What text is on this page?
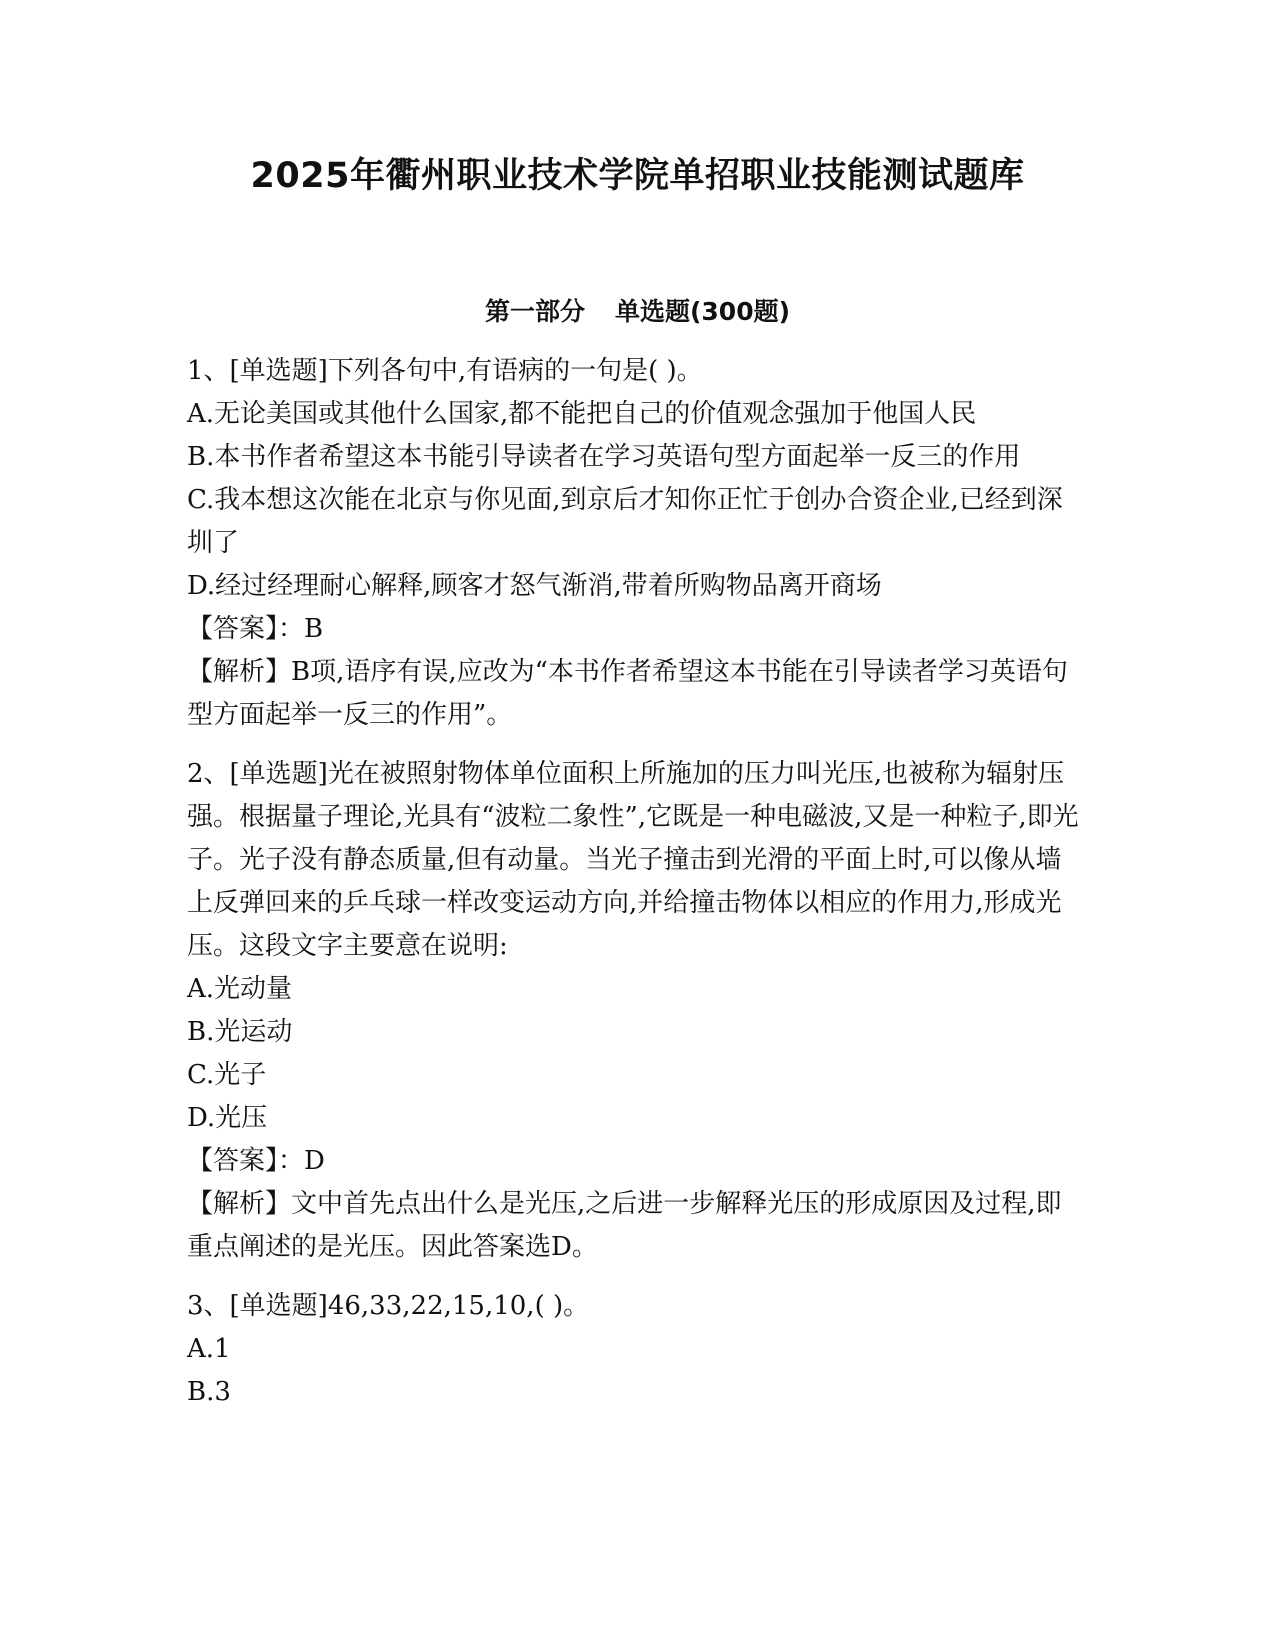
2025年衢州职业技术学院单招职业技能测试题库
第一部分 单选题(300题)
1、[单选题]下列各句中,有语病的一句是( )。
A.无论美国或其他什么国家,都不能把自己的价值观念强加于他国人民
B.本书作者希望这本书能引导读者在学习英语句型方面起举一反三的作用
C.我本想这次能在北京与你见面,到京后才知你正忙于创办合资企业,已经到深圳了
D.经过经理耐心解释,顾客才怒气渐消,带着所购物品离开商场
【答案】：B
【解析】B项,语序有误,应改为“本书作者希望这本书能在引导读者学习英语句型方面起举一反三的作用”。
2、[单选题]光在被照射物体单位面积上所施加的压力叫光压,也被称为辐射压强。根据量子理论,光具有“波粒二象性”,它既是一种电磁波,又是一种粒子,即光子。光子没有静态质量,但有动量。当光子撞击到光滑的平面上时,可以像从墙上反弹回来的乒乓球一样改变运动方向,并给撞击物体以相应的作用力,形成光压。这段文字主要意在说明:
A.光动量
B.光运动
C.光子
D.光压
【答案】：D
【解析】文中首先点出什么是光压,之后进一步解释光压的形成原因及过程,即重点阐述的是光压。因此答案选D。
3、[单选题]46,33,22,15,10,( )。
A.1
B.3
